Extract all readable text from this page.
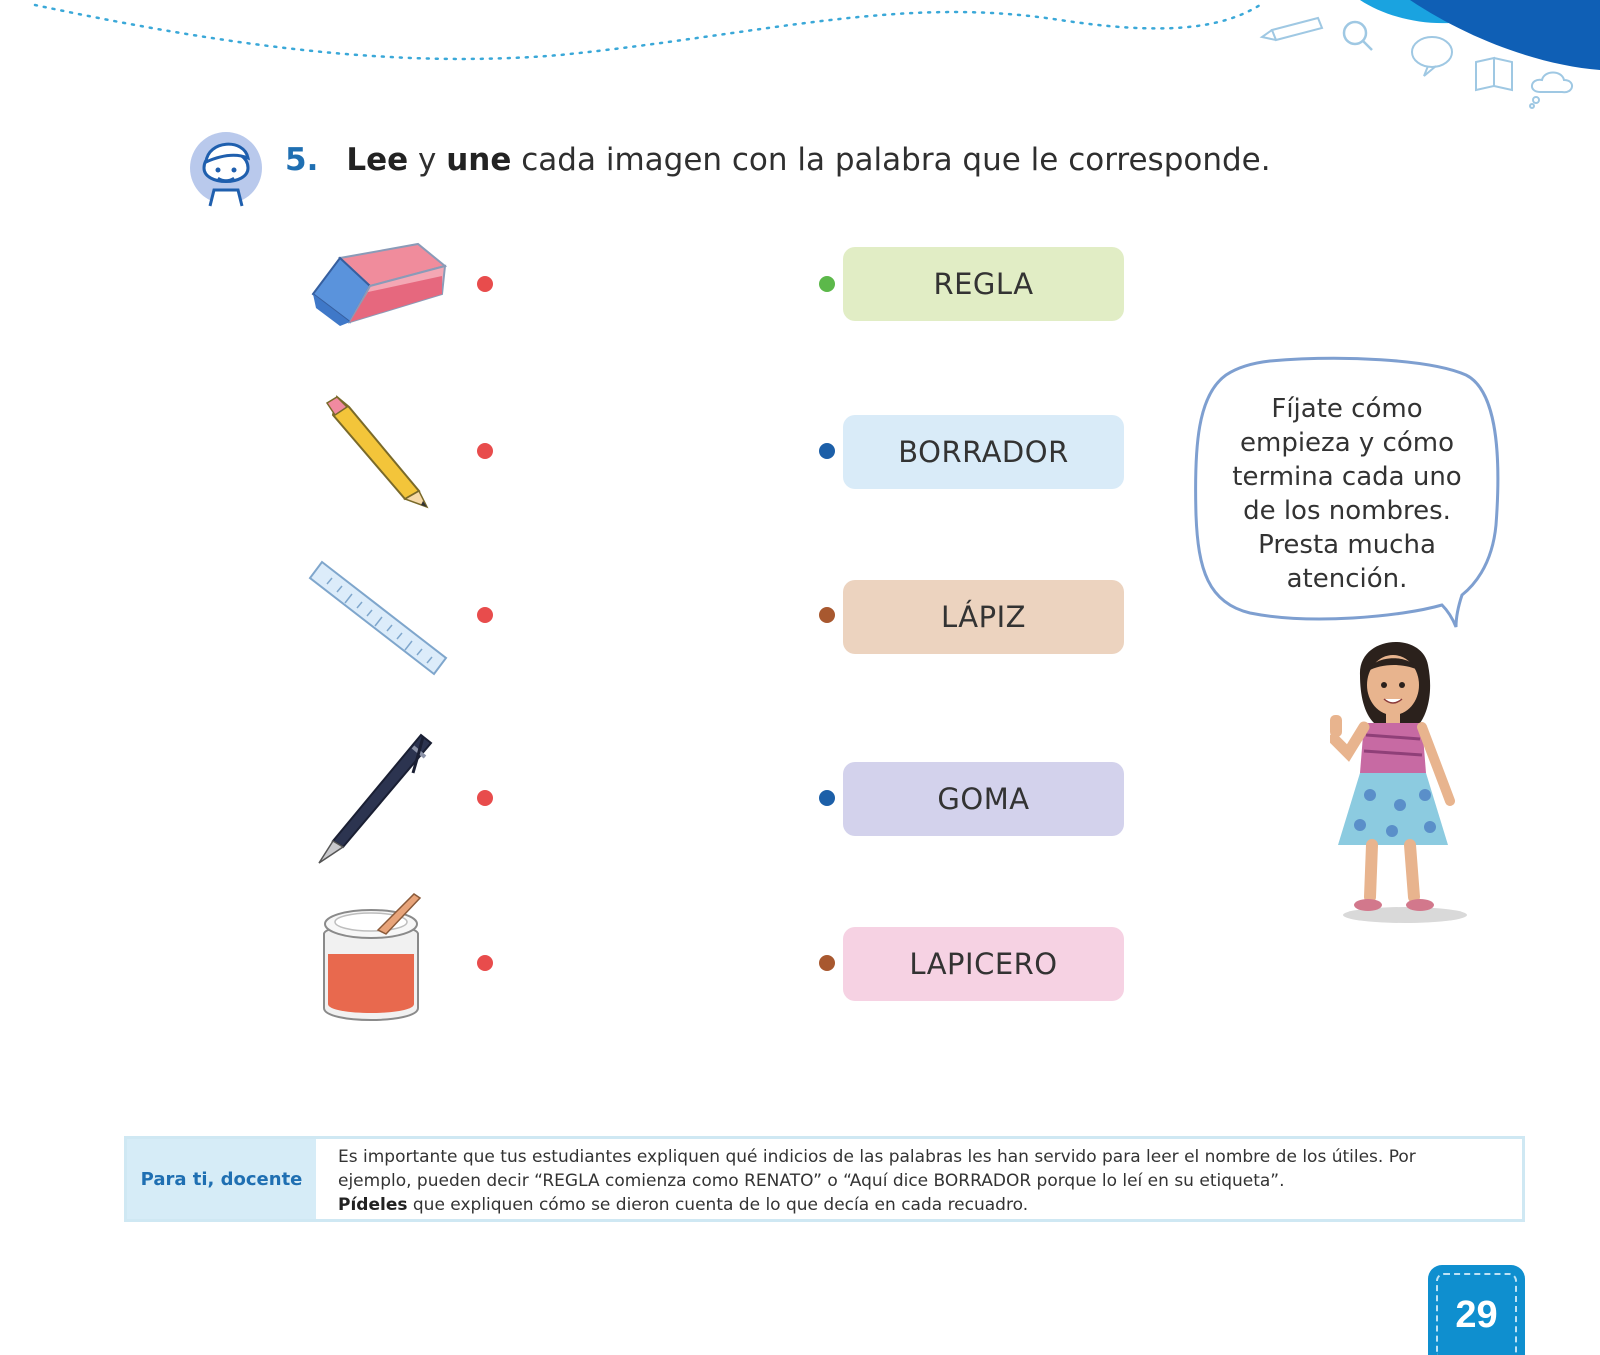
5. Lee y une cada imagen con la palabra que le corresponde.
REGLA
BORRADOR
LÁPIZ
GOMA
LAPICERO
Fíjate cómo
empieza y cómo
termina cada uno
de los nombres.
Presta mucha
atención.
Para ti, docente
Es importante que tus estudiantes expliquen qué indicios de las palabras les han servido para leer el nombre de los útiles. Por
ejemplo, pueden decir “REGLA comienza como RENATO” o “Aquí dice BORRADOR porque lo leí en su etiqueta”.
Pídeles que expliquen cómo se dieron cuenta de lo que decía en cada recuadro.
29
